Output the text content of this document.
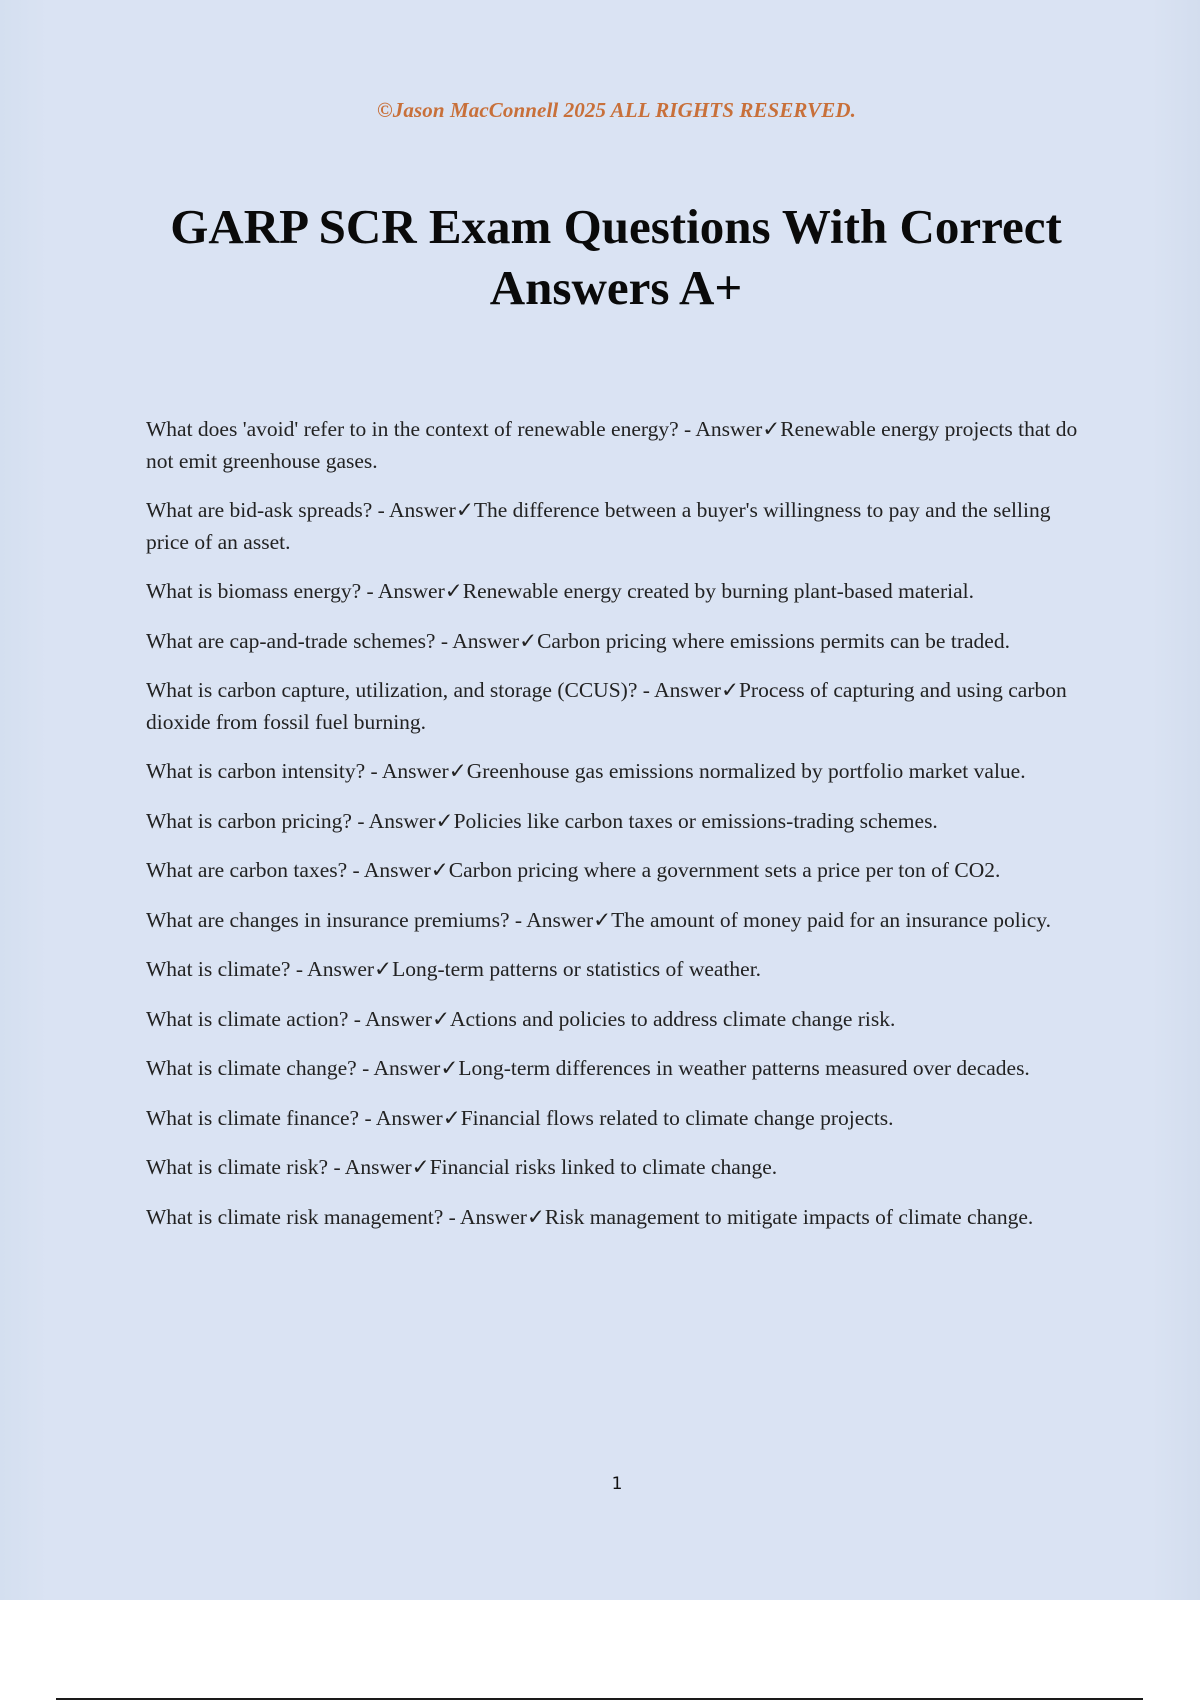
©Jason MacConnell 2025 ALL RIGHTS RESERVED.
GARP SCR Exam Questions With Correct Answers A+
What does 'avoid' refer to in the context of renewable energy? - Answer✓Renewable energy projects that do not emit greenhouse gases.
What are bid-ask spreads? - Answer✓The difference between a buyer's willingness to pay and the selling price of an asset.
What is biomass energy? - Answer✓Renewable energy created by burning plant-based material.
What are cap-and-trade schemes? - Answer✓Carbon pricing where emissions permits can be traded.
What is carbon capture, utilization, and storage (CCUS)? - Answer✓Process of capturing and using carbon dioxide from fossil fuel burning.
What is carbon intensity? - Answer✓Greenhouse gas emissions normalized by portfolio market value.
What is carbon pricing? - Answer✓Policies like carbon taxes or emissions-trading schemes.
What are carbon taxes? - Answer✓Carbon pricing where a government sets a price per ton of CO2.
What are changes in insurance premiums? - Answer✓The amount of money paid for an insurance policy.
What is climate? - Answer✓Long-term patterns or statistics of weather.
What is climate action? - Answer✓Actions and policies to address climate change risk.
What is climate change? - Answer✓Long-term differences in weather patterns measured over decades.
What is climate finance? - Answer✓Financial flows related to climate change projects.
What is climate risk? - Answer✓Financial risks linked to climate change.
What is climate risk management? - Answer✓Risk management to mitigate impacts of climate change.
1
